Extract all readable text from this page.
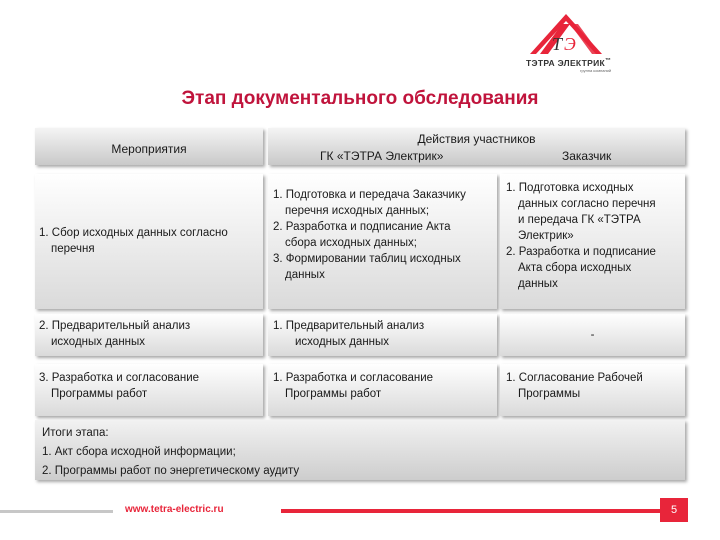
Т Э
ТЭТРА ЭЛЕКТРИК™
группа компаний
Этап документального обследования
Мероприятия
Действия участников
ГК «ТЭТРА Электрик»	Заказчик
1. Сбор исходных данных согласно
перечня
1. Подготовка и передача Заказчику
перечня исходных данных;
2. Разработка и подписание Акта
сбора исходных данных;
3. Формировании таблиц исходных
данных
1. Подготовка исходных
данных согласно перечня
и передача ГК «ТЭТРА
Электрик»
2. Разработка и подписание
Акта сбора исходных
данных
2. Предварительный анализ
исходных данных
1. Предварительный анализ
исходных данных
-
3. Разработка и согласование
Программы работ
1. Разработка и согласование
Программы работ
1. Согласование Рабочей
Программы
Итоги этапа:
1. Акт сбора исходной информации;
2. Программы работ по энергетическому аудиту
www.tetra-electric.ru	5
